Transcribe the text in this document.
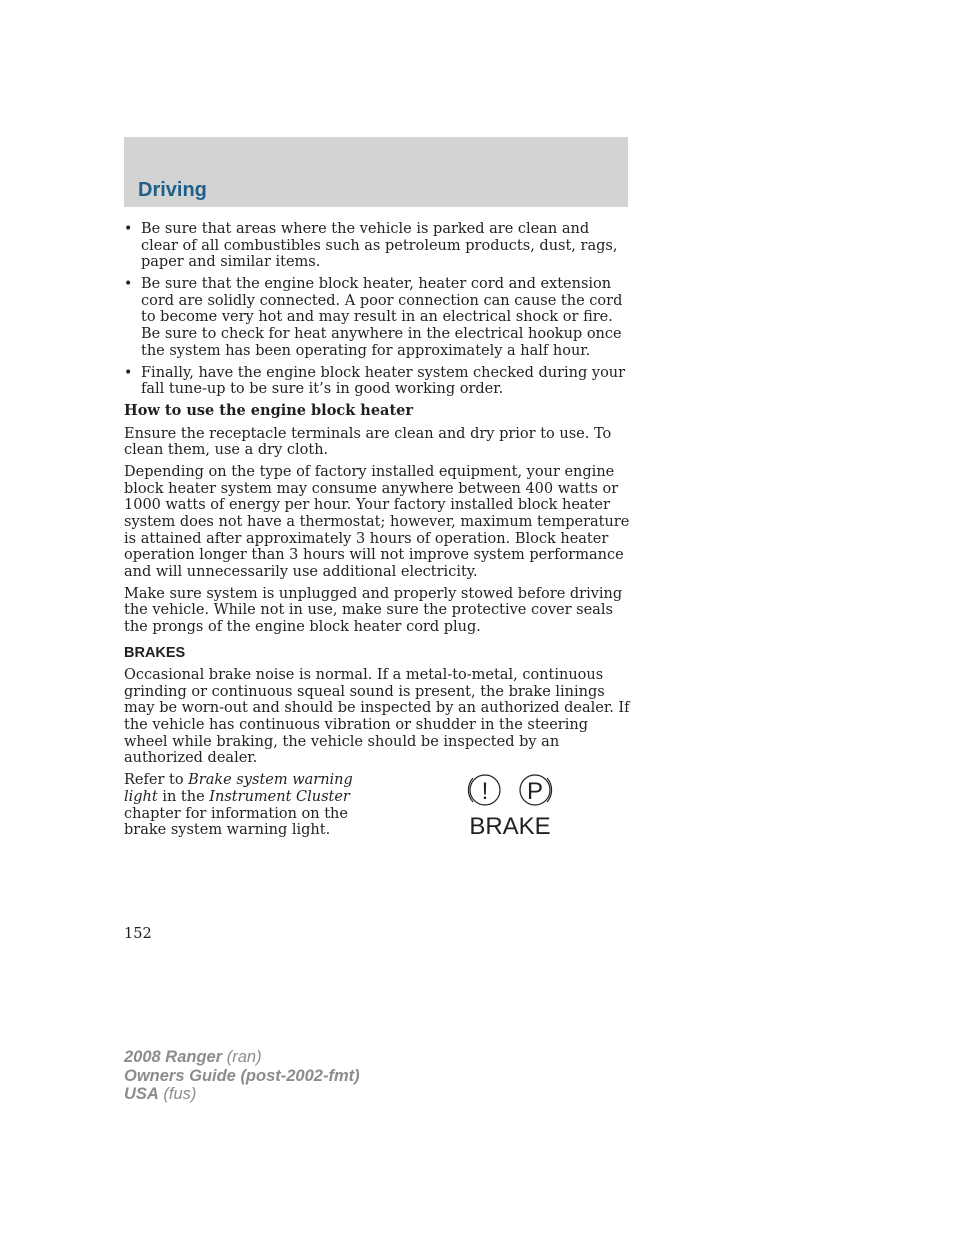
Driving
• Be sure that areas where the vehicle is parked are clean and clear of all combustibles such as petroleum products, dust, rags, paper and similar items.
• Be sure that the engine block heater, heater cord and extension cord are solidly connected. A poor connection can cause the cord to become very hot and may result in an electrical shock or fire. Be sure to check for heat anywhere in the electrical hookup once the system has been operating for approximately a half hour.
• Finally, have the engine block heater system checked during your fall tune-up to be sure it’s in good working order.
How to use the engine block heater

Ensure the receptacle terminals are clean and dry prior to use. To clean them, use a dry cloth.

Depending on the type of factory installed equipment, your engine block heater system may consume anywhere between 400 watts or 1000 watts of energy per hour. Your factory installed block heater system does not have a thermostat; however, maximum temperature is attained after approximately 3 hours of operation. Block heater operation longer than 3 hours will not improve system performance and will unnecessarily use additional electricity.

Make sure system is unplugged and properly stowed before driving the vehicle. While not in use, make sure the protective cover seals the prongs of the engine block heater cord plug.

BRAKES

Occasional brake noise is normal. If a metal-to-metal, continuous grinding or continuous squeal sound is present, the brake linings may be worn-out and should be inspected by an authorized dealer. If the vehicle has continuous vibration or shudder in the steering wheel while braking, the vehicle should be inspected by an authorized dealer.

Refer to Brake system warning light in the Instrument Cluster chapter for information on the brake system warning light.
! P
BRAKE
152
2008 Ranger (ran)
Owners Guide (post-2002-fmt)
USA (fus)
